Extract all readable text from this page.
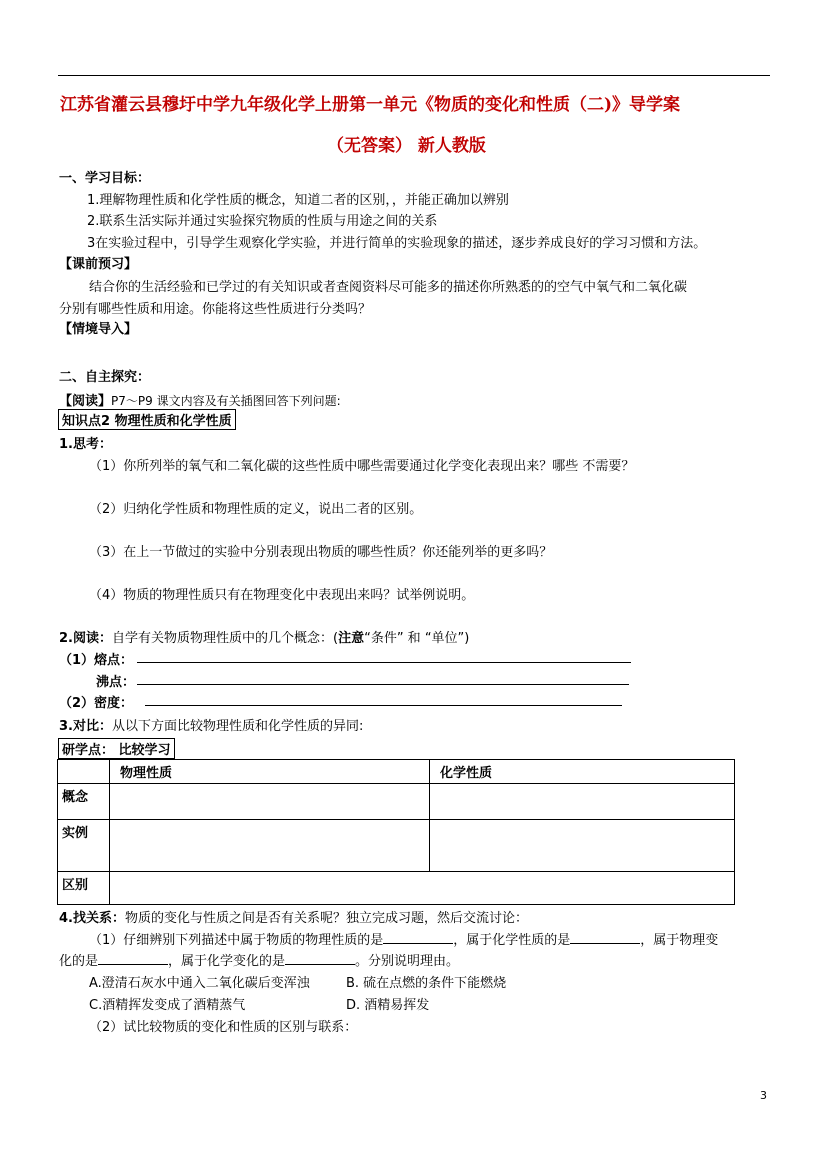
江苏省灌云县穆圩中学九年级化学上册第一单元《物质的变化和性质（二)》导学案
（无答案） 新人教版
一、学习目标：
1.理解物理性质和化学性质的概念，知道二者的区别，，并能正确加以辨别
2.联系生活实际并通过实验探究物质的性质与用途之间的关系
3在实验过程中，引导学生观察化学实验，并进行简单的实验现象的描述，逐步养成良好的学习习惯和方法。
【课前预习】
结合你的生活经验和已学过的有关知识或者查阅资料尽可能多的描述你所熟悉的的空气中氧气和二氧化碳
分别有哪些性质和用途。你能将这些性质进行分类吗？
【情境导入】
二、自主探究：
【阅读】P7～P9 课文内容及有关插图回答下列问题:
知识点2 物理性质和化学性质
1.思考：
（1）你所列举的氧气和二氧化碳的这些性质中哪些需要通过化学变化表现出来？哪些 不需要？
（2）归纳化学性质和物理性质的定义，说出二者的区别。
（3）在上一节做过的实验中分别表现出物质的哪些性质？你还能列举的更多吗？
（4）物质的物理性质只有在物理变化中表现出来吗？试举例说明。
2.阅读：自学有关物质物理性质中的几个概念：(注意“条件” 和 “单位”)
（1）熔点：
沸点：
（2）密度：
3.对比：从以下方面比较物理性质和化学性质的异同:
研学点： 比较学习
	物理性质	化学性质
概念		
实例		
区别		
4.找关系：物质的变化与性质之间是否有关系呢？独立完成习题，然后交流讨论：
（1）仔细辨别下列描述中属于物质的物理性质的是	，属于化学性质的是	，属于物理变
化的是	，属于化学变化的是	。分别说明理由。
A.澄清石灰水中通入二氧化碳后变浑浊	B. 硫在点燃的条件下能燃烧
C.酒精挥发变成了酒精蒸气	D. 酒精易挥发
（2）试比较物质的变化和性质的区别与联系：
3
